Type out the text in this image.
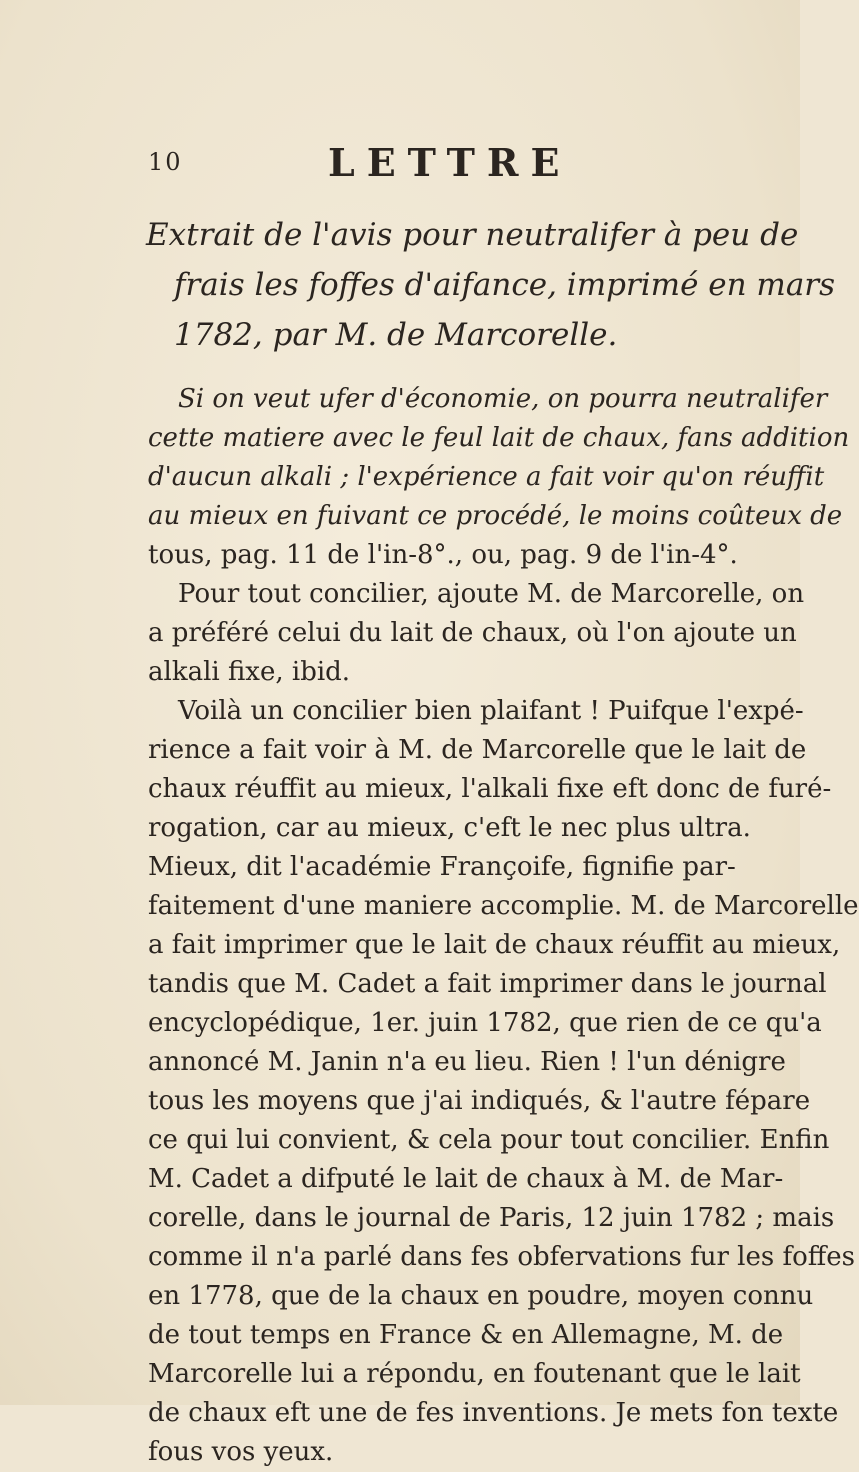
10	LETTRE
Extrait de l'avis pour neutralifer à peu de
frais les foffes d'aifance, imprimé en mars
1782, par M. de Marcorelle.
Si on veut ufer d'économie, on pourra neutralifer
cette matiere avec le feul lait de chaux, fans addition
d'aucun alkali ; l'expérience a fait voir qu'on réuffit
au mieux en fuivant ce procédé, le moins coûteux de
tous, pag. 11 de l'in-8°., ou, pag. 9 de l'in-4°.
Pour tout concilier, ajoute M. de Marcorelle, on
a préféré celui du lait de chaux, où l'on ajoute un
alkali fixe, ibid.
Voilà un concilier bien plaifant ! Puifque l'expé-
rience a fait voir à M. de Marcorelle que le lait de
chaux réuffit au mieux, l'alkali fixe eft donc de furé-
rogation, car au mieux, c'eft le nec plus ultra.
Mieux, dit l'académie Françoife, fignifie par-
faitement d'une maniere accomplie. M. de Marcorelle
a fait imprimer que le lait de chaux réuffit au mieux,
tandis que M. Cadet a fait imprimer dans le journal
encyclopédique, 1er. juin 1782, que rien de ce qu'a
annoncé M. Janin n'a eu lieu. Rien ! l'un dénigre
tous les moyens que j'ai indiqués, & l'autre fépare
ce qui lui convient, & cela pour tout concilier. Enfin
M. Cadet a difputé le lait de chaux à M. de Mar-
corelle, dans le journal de Paris, 12 juin 1782 ; mais
comme il n'a parlé dans fes obfervations fur les foffes
en 1778, que de la chaux en poudre, moyen connu
de tout temps en France & en Allemagne, M. de
Marcorelle lui a répondu, en foutenant que le lait
de chaux eft une de fes inventions. Je mets fon texte
fous vos yeux.
